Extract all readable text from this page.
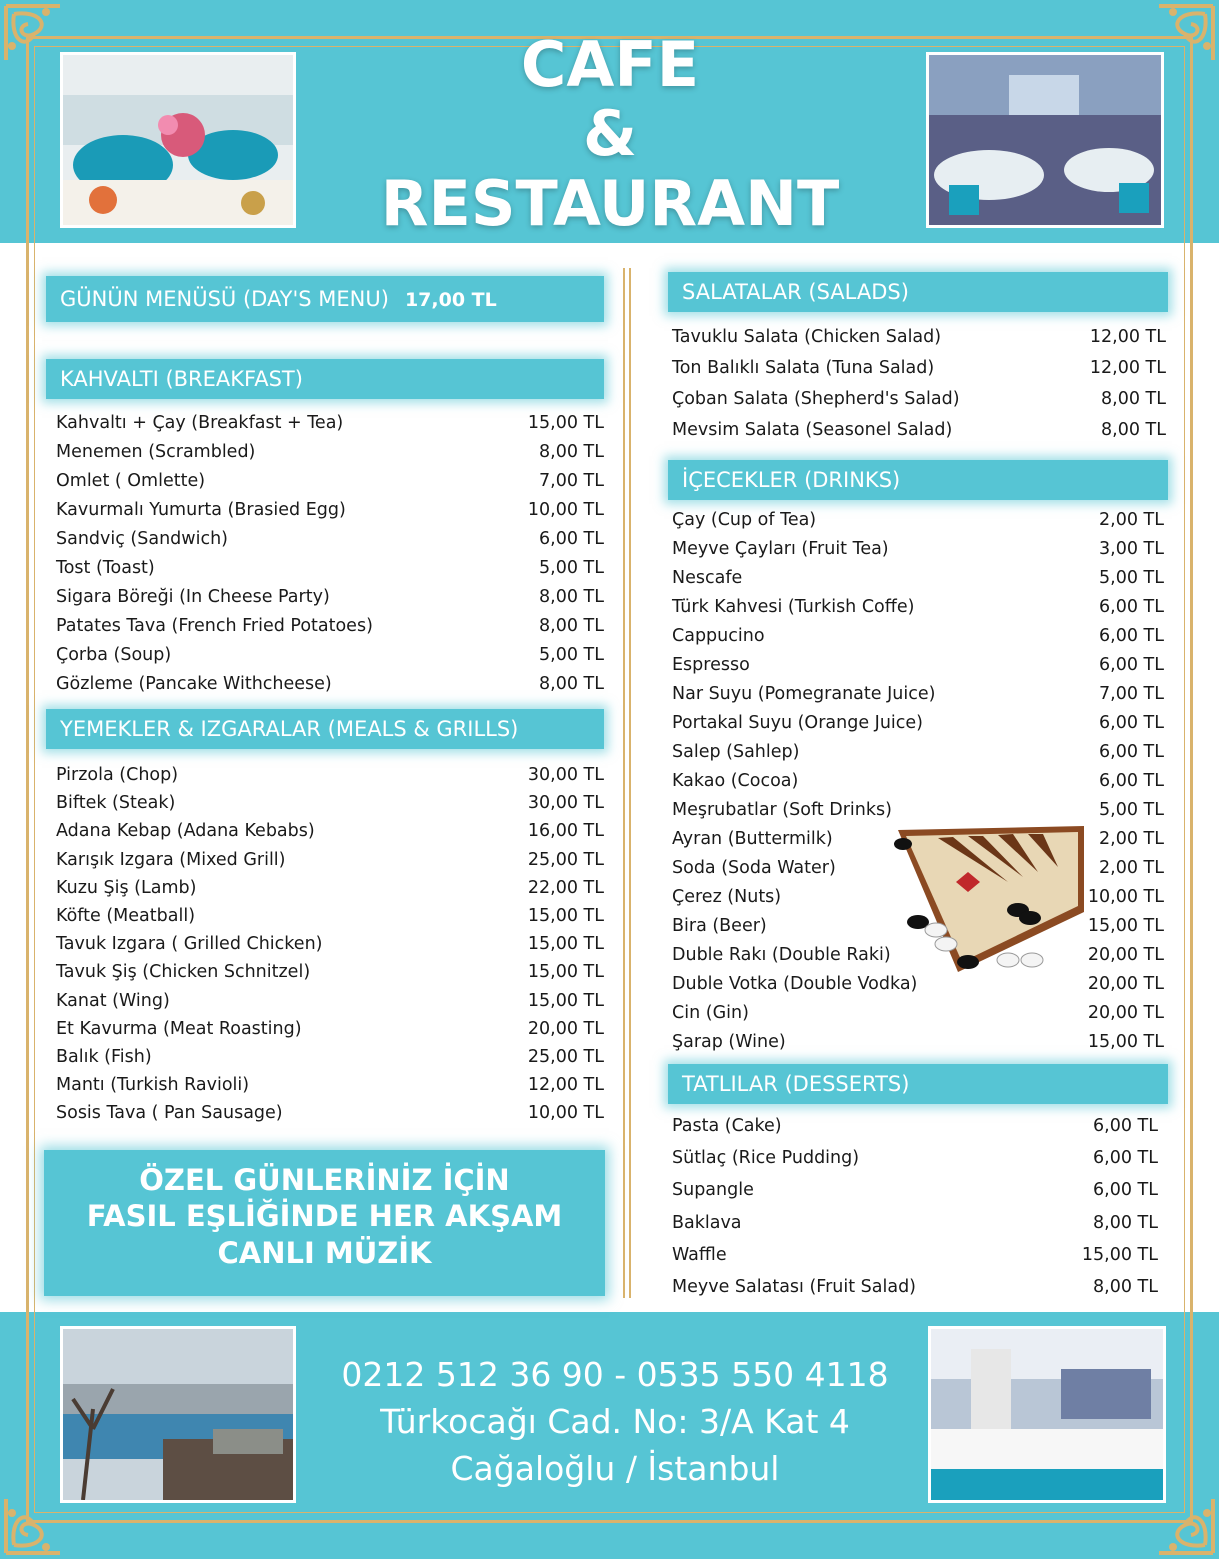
CAFE
&
RESTAURANT
GÜNÜN MENÜSÜ (DAY'S MENU) 17,00 TL
KAHVALTI (BREAKFAST)
Kahvaltı + Çay (Breakfast + Tea)	15,00 TL
Menemen (Scrambled)	8,00 TL
Omlet ( Omlette)	7,00 TL
Kavurmalı Yumurta (Brasied Egg)	10,00 TL
Sandviç (Sandwich)	6,00 TL
Tost (Toast)	5,00 TL
Sigara Böreği (In Cheese Party)	8,00 TL
Patates Tava (French Fried Potatoes)	8,00 TL
Çorba (Soup)	5,00 TL
Gözleme (Pancake Withcheese)	8,00 TL
YEMEKLER & IZGARALAR (MEALS & GRILLS)
Pirzola (Chop)	30,00 TL
Biftek (Steak)	30,00 TL
Adana Kebap (Adana Kebabs)	16,00 TL
Karışık Izgara (Mixed Grill)	25,00 TL
Kuzu Şiş (Lamb)	22,00 TL
Köfte (Meatball)	15,00 TL
Tavuk Izgara ( Grilled Chicken)	15,00 TL
Tavuk Şiş (Chicken Schnitzel)	15,00 TL
Kanat (Wing)	15,00 TL
Et Kavurma (Meat Roasting)	20,00 TL
Balık (Fish)	25,00 TL
Mantı (Turkish Ravioli)	12,00 TL
Sosis Tava ( Pan Sausage)	10,00 TL
ÖZEL GÜNLERİNİZ İÇİN
FASIL EŞLİĞİNDE HER AKŞAM
CANLI MÜZİK
SALATALAR (SALADS)
Tavuklu Salata (Chicken Salad)	12,00 TL
Ton Balıklı Salata (Tuna Salad)	12,00 TL
Çoban Salata (Shepherd's Salad)	8,00 TL
Mevsim Salata (Seasonel Salad)	8,00 TL
İÇECEKLER (DRINKS)
Çay (Cup of Tea)	2,00 TL
Meyve Çayları (Fruit Tea)	3,00 TL
Nescafe	5,00 TL
Türk Kahvesi (Turkish Coffe)	6,00 TL
Cappucino	6,00 TL
Espresso	6,00 TL
Nar Suyu (Pomegranate Juice)	7,00 TL
Portakal Suyu (Orange Juice)	6,00 TL
Salep (Sahlep)	6,00 TL
Kakao (Cocoa)	6,00 TL
Meşrubatlar (Soft Drinks)	5,00 TL
Ayran (Buttermilk)	2,00 TL
Soda (Soda Water)	2,00 TL
Çerez (Nuts)	10,00 TL
Bira (Beer)	15,00 TL
Duble Rakı (Double Raki)	20,00 TL
Duble Votka (Double Vodka)	20,00 TL
Cin (Gin)	20,00 TL
Şarap (Wine)	15,00 TL
TATLILAR (DESSERTS)
Pasta (Cake)	6,00 TL
Sütlaç (Rice Pudding)	6,00 TL
Supangle	6,00 TL
Baklava	8,00 TL
Waffle	15,00 TL
Meyve Salatası (Fruit Salad)	8,00 TL
0212 512 36 90 - 0535 550 4118
Türkocağı Cad. No: 3/A Kat 4
Cağaloğlu / İstanbul
